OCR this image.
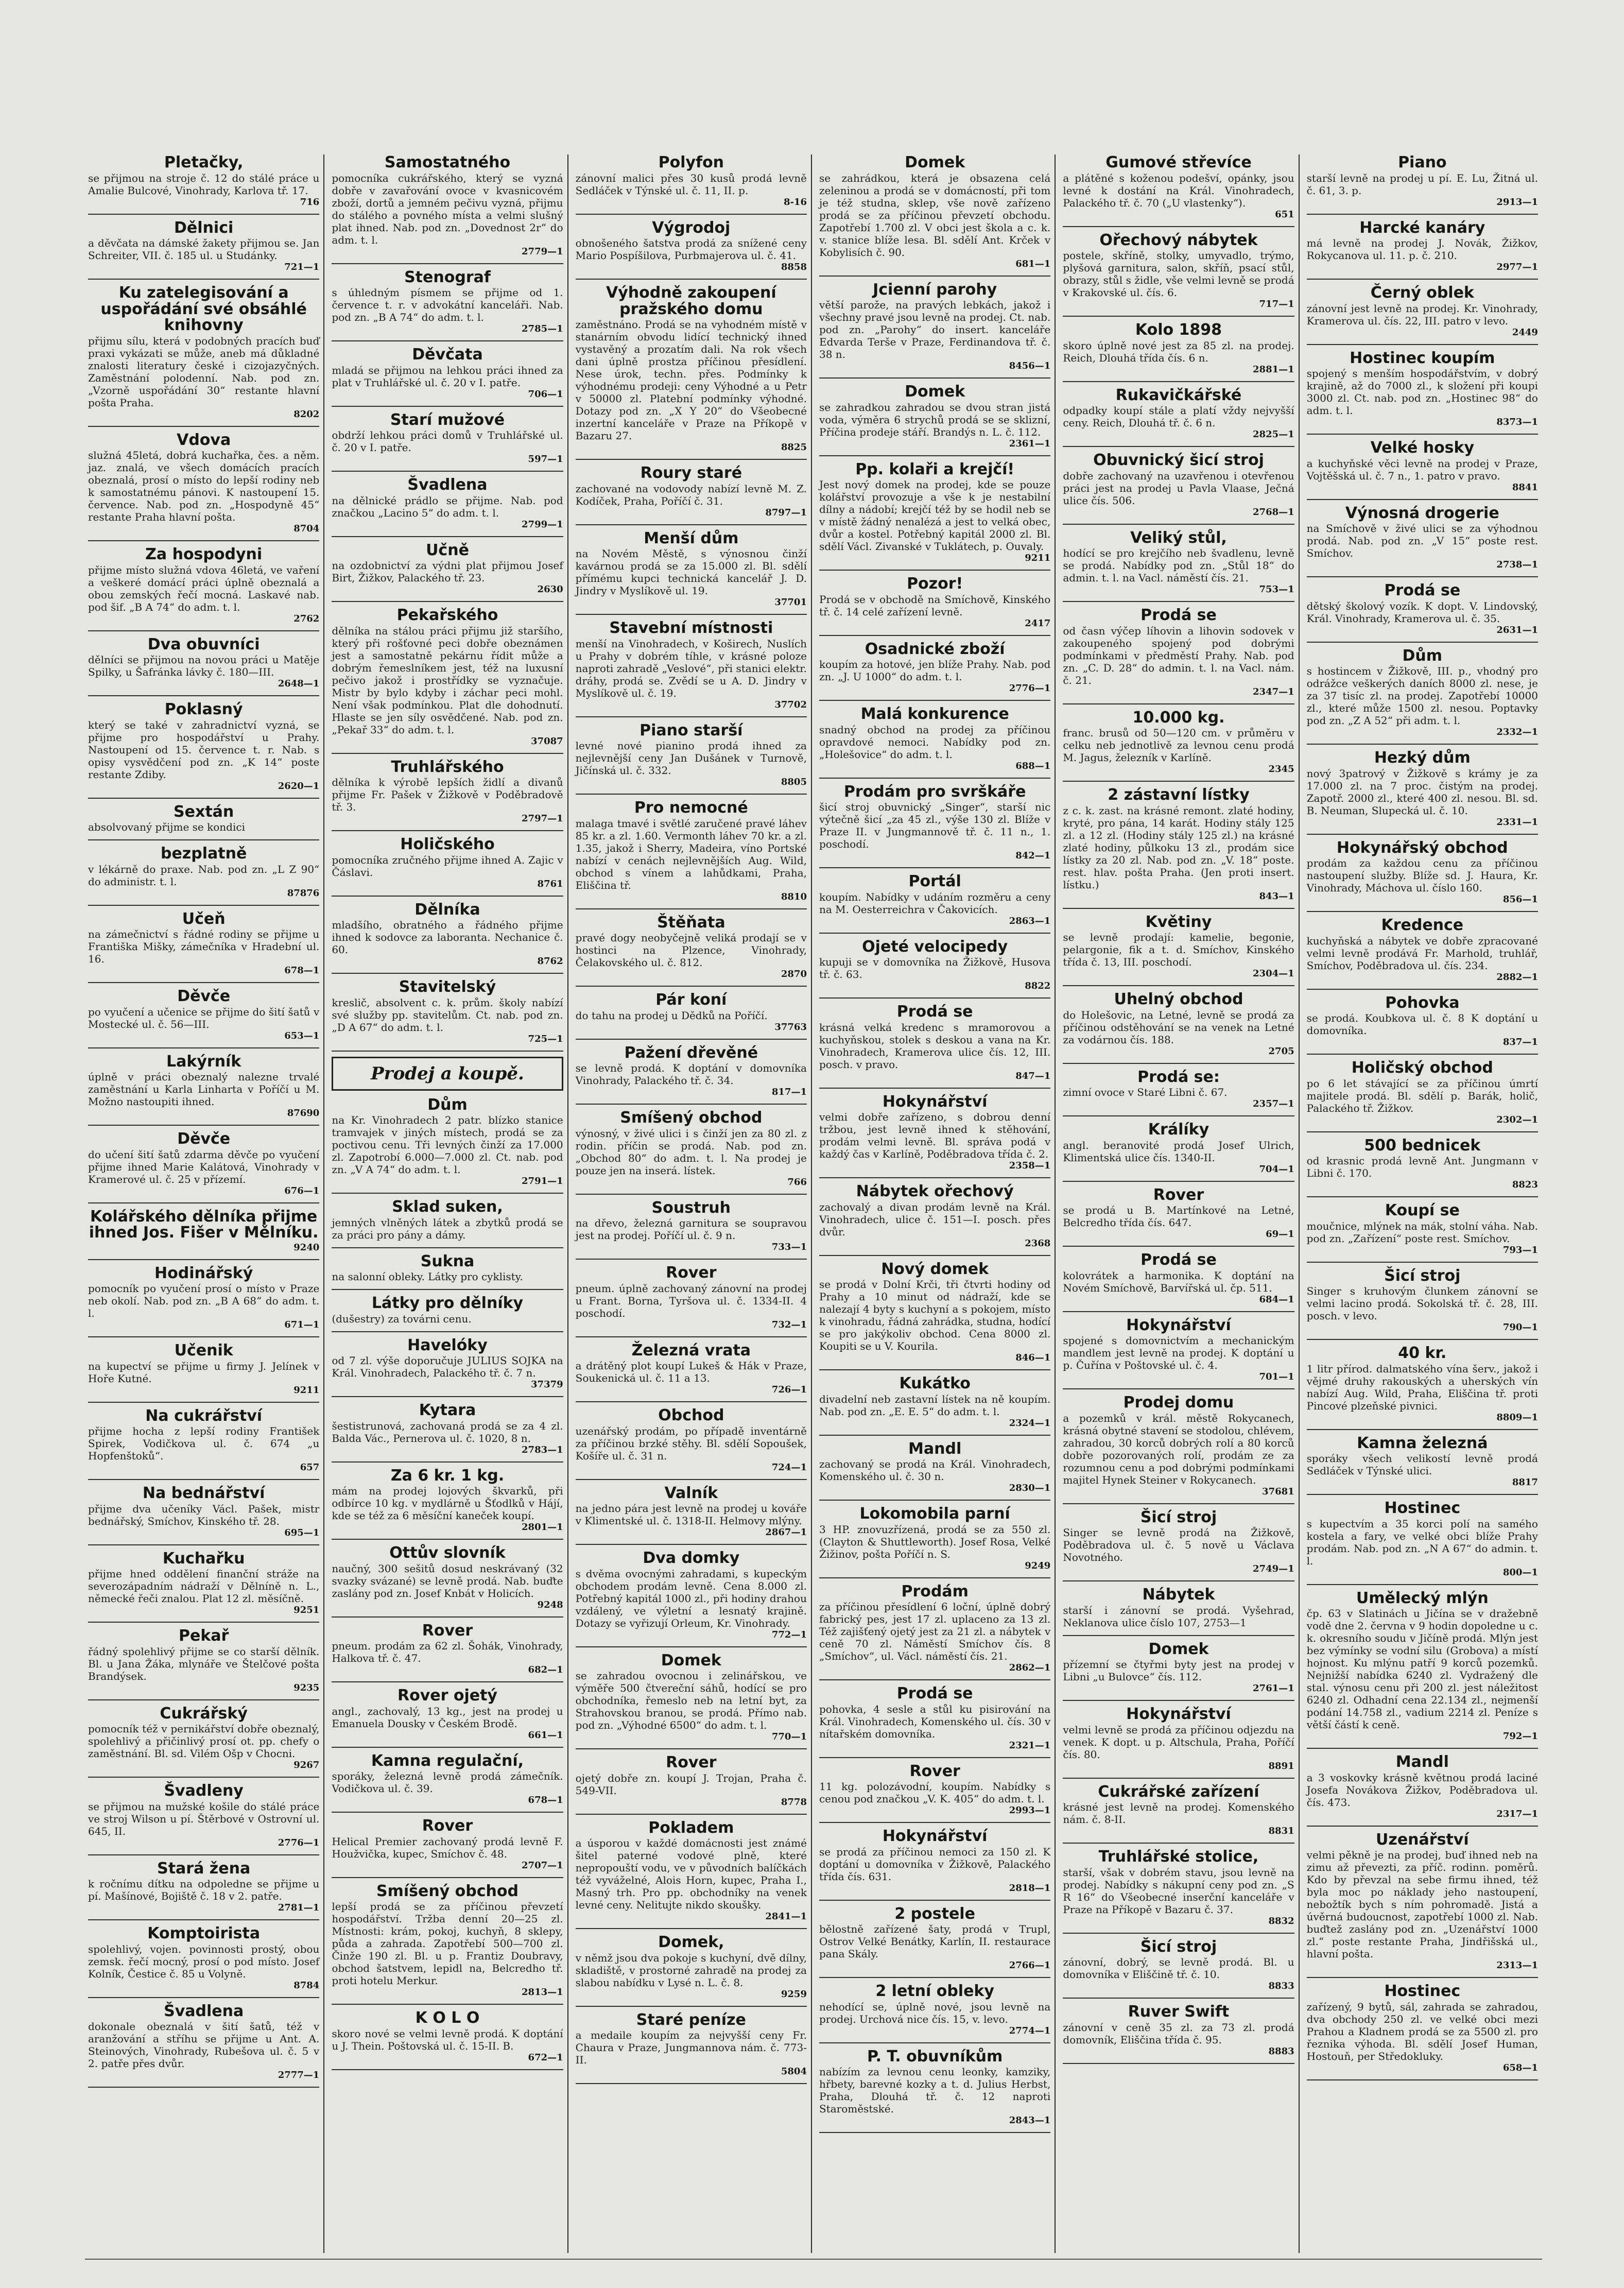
Pletačky,

se přijmou na stroje č. 12 do stálé práce u Amalie Bulcové, Vinohrady, Karlova tř. 17.

716
Dělnici

a děvčata na dámské žakety přijmou se. Jan Schreiter, VII. č. 185 ul. u Studánky.

721—1
Ku zatelegisování a uspořádání své obsáhlé knihovny

přijmu sílu, která v podobných pracích buď praxi vykázati se může, aneb má důkladné znalosti literatury české i cizojazyčných. Zaměstnání polodenní. Nab. pod zn. „Vzorně uspořádání 30“ restante hlavní pošta Praha.

8202
Vdova

služná 45letá, dobrá kuchařka, čes. a něm. jaz. znalá, ve všech domácích pracích obeznalá, prosí o místo do lepší rodiny neb k samostatnému pánovi. K nastoupení 15. července. Nab. pod zn. „Hospodyně 45“ restante Praha hlavní pošta.

8704
Za hospodyni

přijme místo služná vdova 46letá, ve vaření a veškeré domácí práci úplně obeznalá a obou zemských řečí mocná. Laskavé nab. pod šif. „B A 74“ do adm. t. l.

2762
Dva obuvníci

dělníci se přijmou na novou práci u Matěje Spilky, u Šafránka lávky č. 180—III.

2648—1
Poklasný

který se také v zahradnictví vyzná, se přijme pro hospodářství u Prahy. Nastoupení od 15. července t. r. Nab. s opisy vysvědčení pod zn. „K 14“ poste restante Zdiby.

2620—1
Sextán

absolvovaný přijme se kondici

bezplatně

v lékárně do praxe. Nab. pod zn. „L Z 90“ do administr. t. l.

87876
Učeň

na zámečnictví s řádné rodiny se přijme u Františka Mišky, zámečníka v Hradební ul. 16.

678—1
Děvče

po vyučení a učenice se přijme do šití šatů v Mostecké ul. č. 56—III.

653—1
Lakýrník

úplně v práci obeznalý nalezne trvalé zaměstnání u Karla Linharta v Poříčí u M. Možno nastoupiti ihned.

87690
Děvče

do učení šití šatů zdarma děvče po vyučení přijme ihned Marie Kalátová, Vinohrady v Kramerové ul. č. 25 v přízemí.

676—1
Kolářského dělníka přijme ihned Jos. Fišer v Mělníku.
9240
Hodinářský

pomocník po vyučení prosí o místo v Praze neb okolí. Nab. pod zn. „B A 68“ do adm. t. l.

671—1
Učenik

na kupectví se přijme u firmy J. Jelínek v Hoře Kutné.

9211
Na cukrářství

přijme hocha z lepší rodiny František Spirek, Vodičkova ul. č. 674 „u Hopfenštoků“.

657
Na bednářství

přijme dva učeníky Václ. Pašek, mistr bednářský, Smíchov, Kinského tř. 28.

695—1
Kuchařku

přijme hned oddělení finanční stráže na severozápadním nádraží v Dělníně n. L., německé řeči znalou. Plat 12 zl. měsíčně.

9251
Pekař

řádný spolehlivý přijme se co starší dělník. Bl. u Jana Žáka, mlynáře ve Štelčové pošta Brandýsek.

9235
Cukrářský

pomocník též v pernikářství dobře obeznalý, spolehlivý a přičinlivý prosí ot. pp. chefy o zaměstnání. Bl. sd. Vilém Ošp v Chocni.

9267
Švadleny

se přijmou na mužské košile do stálé práce ve stroj Wilson u pí. Štěrbové v Ostrovní ul. 645, II.

2776—1
Stará žena

k ročnímu dítku na odpoledne se přijme u pí. Mašínové, Bojiště č. 18 v 2. patře.

2781—1
Komptoiristа

spolehlivý, vojen. povinnosti prostý, obou zemsk. řečí mocný, prosí o pod místo. Josef Kolník, Čestice č. 85 u Volyně.

8784
Švadlena

dokonale obeznalá v šití šatů, též v aranžování a stříhu se přijme u Ant. A. Steinových, Vinohrady, Rubešova ul. č. 5 v 2. patře přes dvůr.

2777—1
Samostatného

pomocníka cukrářského, který se vyzná dobře v zavařování ovoce v kvasnicovém zboží, dortů a jemném pečivu vyzná, přijmu do stálého a povného místa a velmi slušný plat ihned. Nab. pod zn. „Dovednost 2r“ do adm. t. l.

2779—1
Stenograf

s úhledným písmem se přijme od 1. července t. r. v advokátní kanceláři. Nab. pod zn. „B A 74“ do adm. t. l.

2785—1
Děvčata

mladá se přijmou na lehkou práci ihned za plat v Truhlářské ul. č. 20 v I. patře.

706—1
Starí mužové

obdrží lehkou práci domů v Truhlářské ul. č. 20 v I. patře.

597—1
Švadlena

na dělnické prádlo se přijme. Nab. pod značkou „Lacino 5“ do adm. t. l.

2799—1
Učně

na ozdobnictví za výdni plat přijmou Josef Birt, Žižkov, Palackého tř. 23.

2630
Pekařského

dělníka na stálou práci přijmu již staršího, který při rošťovné peci dobře obeznámen jest a samostatně pekárnu řídit může a dobrým řemeslníkem jest, též na luxusní pečivo jakož i prostřídky se vyznačuje. Mistr by bylo kdyby i záchar peci mohl. Není však podmínkou. Plat dle dohodnutí. Hlaste se jen síly osvědčené. Nab. pod zn. „Pekař 33“ do adm. t. l.

37087
Truhlářského

dělníka k výrobě lepších židlí a divanů přijme Fr. Pašek v Žižkově v Poděbradově tř. 3.

2797—1
Holičského

pomocníka zručného přijme ihned A. Zajic v Čáslavi.

8761
Dělníka

mladšího, obratného a řádného přijme ihned k sodovce za laboranta. Nechanice č. 60.

8762
Stavitelský

kreslič, absolvent c. k. prům. školy nabízí své služby pp. stavitelům. Ct. nab. pod zn. „D A 67“ do adm. t. l.

725—1
Prodej a koupě.
Dům

na Kr. Vinohradech 2 patr. blízko stanice tramvajek v jiných místech, prodá se za poctivou cenu. Tři levných činží za 17.000 zl. Zapotrobí 6.000—7.000 zl. Ct. nab. pod zn. „V A 74“ do adm. t. l.

2791—1
Sklad suken,

jemných vlněných látek a zbytků prodá se za práci pro pány a dámy.

Sukna

na salonní obleky. Látky pro cyklisty.

Látky pro dělníky

(dušestry) za továrni cenu.

Havelóky

od 7 zl. výše doporučuje JULIUS SOJKA na Král. Vinohradech, Palackého tř. č. 7 n.

37379
Kytara

šestistrunová, zachovaná prodá se za 4 zl. Balda Vác., Pernerova ul. č. 1020, 8 n.

2783—1
Za 6 kr. 1 kg.

mám na prodej lojových škvarků, při odbírce 10 kg. v mydlárně u Šťodlků v Hájí, kde se též za 6 měsíční kaneček koupí.

2801—1
Ottův slovník

naučný, 300 sešitů dosud neskrávaný (32 svazky svázané) se levně prodá. Nab. buďte zaslány pod zn. Josef Knbát v Holicích.

9248
Rover

pneum. prodám za 62 zl. Šohák, Vinohrady, Halkova tř. č. 47.

682—1
Rover ojetý

angl., zachovalý, 13 kg., jest na prodej u Emanuela Dousky v Českém Brodě.

661—1
Kamna regulační,

sporáky, železná levně prodá zámečník. Vodičkova ul. č. 39.

678—1
Rover

Helical Premier zachovaný prodá levně F. Houžvička, kupec, Smíchov č. 48.

2707—1
Smíšený obchod

lepší prodá se za příčinou převzetí hospodářství. Tržba denní 20—25 zl. Místnosti: krám, pokoj, kuchyň, 8 sklepy, půda a zahrada. Zapotřebí 500—700 zl. Činže 190 zl. Bl. u p. Frantiz Doubravy, obchod šatstvem, lepidl na, Belcredho tř. proti hotelu Merkur.

2813—1
K O L O

skoro nové se velmi levně prodá. K doptání u J. Thein. Poštovská ul. č. 15-II. B.

672—1
Polyfon

zánovní malici přes 30 kusů prodá levně Sedláček v Týnské ul. č. 11, II. p.

8-16
Výgrodoj

obnošeného šatstva prodá za snížené ceny Mario Pospíšilova, Purbmajerova ul. č. 41.

8858
Výhodně zakoupení pražského domu

zaměstnáno. Prodá se na vyhodném místě v stanárním obvodu lidící technický ihned vystavěný a prozatím dali. Na rok všech dani úplně prostza příčinou přesídlení. Nese úrok, techn. přes. Podmínky k výhodnému prodeji: ceny Výhodné a u Petr v 50000 zl. Platební podmínky výhodné. Dotazy pod zn. „X Y 20“ do Všeobecné inzertní kanceláře v Praze na Příkopě v Bazaru 27.

8825
Roury staré

zachované na vodovody nabízí levně M. Z. Kodíček, Praha, Poříčí č. 31.

8797—1
Menší dům

na Novém Městě, s výnosnou činží kavárnou prodá se za 15.000 zl. Bl. sdělí přímému kupci technická kancelář J. D. Jindry v Myslíkově ul. 19.

37701
Stavební místnosti

menší na Vinohradech, v Koširech, Nuslích u Prahy v dobrém tíhle, v krásné poloze naproti zahradě „Veslové“, při stanici elektr. dráhy, prodá se. Zvědí se u A. D. Jindry v Myslíkově ul. č. 19.

37702
Piano starší

levné nové pianino prodá ihned za nejlevnější ceny Jan Dušánek v Turnově, Jičínská ul. č. 332.

8805
Pro nemocné

malaga tmavé i světlé zaručené pravé láhev 85 kr. a zl. 1.60. Vermonth láhev 70 kr. a zl. 1.35, jakož i Sherry, Madeira, víno Portské nabízí v cenách nejlevnějších Aug. Wild, obchod s vínem a lahůdkami, Praha, Eliščina tř.

8810
Štěňata

pravé dogy neobyčejně veliká prodají se v hostinci na Plzence, Vinohrady, Čelakovského ul. č. 812.

2870
Pár koní

do tahu na prodej u Dědků na Poříčí.

37763
Pažení dřevěné

se levně prodá. K doptání v domovníka Vinohrady, Palackého tř. č. 34.

817—1
Smíšený obchod

výnosný, v živé ulici i s činží jen za 80 zl. z rodin. příčin se prodá. Nab. pod zn. „Obchod 80“ do adm. t. l. Na prodej je pouze jen na inserá. lístek.

766
Soustruh

na dřevo, železná garnitura se soupravou jest na prodej. Poříčí ul. č. 9 n.

733—1
Rover

pneum. úplně zachovaný zánovní na prodej u Frant. Borna, Tyršova ul. č. 1334-II. 4 poschodí.

732—1
Železná vrata

a drátěný plot koupí Lukeš & Hák v Praze, Soukenická ul. č. 11 a 13.

726—1
Obchod

uzenářský prodám, po případě inventárně za příčinou brzké stěhy. Bl. sdělí Sopoušek, Košíře ul. č. 31 n.

724—1
Valník

na jedno pára jest levně na prodej u kováře v Klimentské ul. č. 1318-II. Helmovy mlýny.

2867—1
Dva domky

s dvěma ovocnými zahradami, s kupeckým obchodem prodám levně. Cena 8.000 zl. Potřebný kapitál 1000 zl., při hodiny drahou vzdálený, ve výletní a lesnatý krajině. Dotazy se vyřizují Orleum, Kr. Vinohrady.

772—1
Domek

se zahradou ovocnou i zelinářskou, ve výměře 500 čtvereční sáhů, hodící se pro obchodníka, řemeslo neb na letní byt, za Strahovskou branou, se prodá. Přímo nab. pod zn. „Výhodné 6500“ do adm. t. l.

770—1
Rover

ojetý dobře zn. koupí J. Trojan, Praha č. 549-VII.

8778
Pokladem

a úsporou v každé domácnosti jest známé šitel paterné vodové plně, které nepropouští vodu, ve v původních balíčkách též vyváželné, Alois Horn, kupec, Praha I., Masný trh. Pro pp. obchodníky na venek levné ceny. Nelitujte nikdo skoušky.

2841—1
Domek,

v němž jsou dva pokoje s kuchyní, dvě dílny, skladiště, v prostorné zahradě na prodej za slabou nabídku v Lysé n. L. č. 8.

9259
Staré peníze

a medaile koupím za nejvyšší ceny Fr. Chaura v Praze, Jungmannova nám. č. 773-II.

5804
Domek

se zahrádkou, která je obsazena celá zeleninou a prodá se v domácností, při tom je též studna, sklep, vše nově zařízeno prodá se za příčinou převzetí obchodu. Zapotřebí 1.700 zl. V obci jest škola a c. k. v. stanice blíže lesa. Bl. sdělí Ant. Krček v Kobylisích č. 90.

681—1
Jcienní parohy

větší parože, na pravých lebkách, jakož i všechny pravé jsou levně na prodej. Ct. nab. pod zn. „Parohy“ do insert. kanceláře Edvarda Terše v Praze, Ferdinandova tř. č. 38 n.

8456—1
Domek

se zahradkou zahradou se dvou stran jistá voda, výměra 6 strychů prodá se se sklizní, Příčina prodeje stáří. Brandýs n. L. č. 112.

2361—1
Pp. kolaři a krejčí!

Jest nový domek na prodej, kde se pouze kolářství provozuje a vše k je nestabilní dílny a nádobí; krejčí též by se hodil neb se v místě žádný nenalézá a jest to velká obec, dvůr a kostel. Potřebný kapitál 2000 zl. Bl. sdělí Václ. Zivanské v Tuklátech, p. Ouvaly.

9211
Pozor!

Prodá se v obchodě na Smíchově, Kinského tř. č. 14 celé zařízení levně.

2417
Osadnické zboží

koupím za hotové, jen blíže Prahy. Nab. pod zn. „J. U 1000“ do adm. t. l.

2776—1
Malá konkurence

snadný obchod na prodej za příčinou opravdové nemoci. Nabídky pod zn. „Holešovice“ do adm. t. l.

688—1
Prodám pro svrškáře

šicí stroj obuvnický „Singer“, starší nic výtečně šicí „za 45 zl., výše 130 zl. Blíže v Praze II. v Jungmannově tř. č. 11 n., 1. poschodí.

842—1
Portál

koupím. Nabídky v udáním rozměru a ceny na M. Oesterreichra v Čakovicích.

2863—1
Ojeté velocipedy

kupuji se v domovníka na Žižkově, Husova tř. č. 63.

8822
Prodá se

krásná velká kredenc s mramorovou a kuchyňskou, stolek s deskou a vana na Kr. Vinohradech, Kramerova ulice čís. 12, III. posch. v pravo.

847—1
Hokynářství

velmi dobře zařízeno, s dobrou denní tržbou, jest levně ihned k stěhování, prodám velmi levně. Bl. správa podá v každý čas v Karlíně, Poděbradova třída č. 2.

2358—1
Nábytek ořechový

zachovalý a divan prodám levně na Král. Vinohradech, ulice č. 151—I. posch. přes dvůr.

2368
Nový domek

se prodá v Dolní Krči, tři čtvrti hodiny od Prahy a 10 minut od nádraží, kde se nalezají 4 byty s kuchyní a s pokojem, místo k vinohradu, řádná zahrádka, studna, hodící se pro jakýkoliv obchod. Cena 8000 zl. Koupiti se u V. Kourila.

846—1
Kukátko

divadelní neb zastavní lístek na ně koupím. Nab. pod zn. „E. E. 5“ do adm. t. l.

2324—1
Mandl

zachovaný se prodá na Král. Vinohradech, Komenského ul. č. 30 n.

2830—1
Lokomobila parní

3 HP. znovuzřízená, prodá se za 550 zl. (Clayton & Shuttleworth). Josef Rosa, Velké Žižinov, pošta Poříčí n. S.

9249
Prodám

za příčinou přesídlení 6 loční, úplně dobrý fabrický pes, jest 17 zl. uplaceno za 13 zl. Též zajišťený ojetý jest za 21 zl. a nábytek v ceně 70 zl. Náměstí Smíchov čís. 8 „Smíchov“, ul. Václ. náměstí čís. 21.

2862—1
Prodá se

pohovka, 4 sesle a stůl ku pisirování na Král. Vinohradech, Komenského ul. čís. 30 v nítařském domovníka.

2321—1
Rover

11 kg. polozávodní, koupím. Nabídky s cenou pod značkou „V. K. 405“ do adm. t. l.

2993—1
Hokynářství

se prodá za příčinou nemoci za 150 zl. K doptání u domovníka v Žižkově, Palackého třída čís. 631.

2818—1
2 postele

bělostně zařízené šaty, prodá v Trupl, Ostrov Velké Benátky, Karlín, II. restaurace pana Skály.

2766—1
2 letní obleky

nehodící se, úplně nové, jsou levně na prodej. Urchová nice čís. 15, v. levo.

2774—1
P. T. obuvníkům

nabízím za levnou cenu leonky, kamziky, hřbety, barevné kozky a t. d. Julius Herbst, Praha, Dlouhá tř. č. 12 naproti Staroměstské.

2843—1
Gumové střevíce

a plátěné s koženou podešví, opánky, jsou levné k dostání na Král. Vinohradech, Palackého tř. č. 70 („U vlastenky“).

651
Ořechový nábytek

postele, skříně, stolky, umyvadlo, trýmo, plyšová garnitura, salon, skříň, psací stůl, obrazy, stůl s židle, vše velmi levně se prodá v Krakovské ul. čís. 6.

717—1
Kolo 1898

skoro úplně nové jest za 85 zl. na prodej. Reich, Dlouhá třída čís. 6 n.

2881—1
Rukavičkářské

odpadky koupí stále a platí vždy nejvyšší ceny. Reich, Dlouhá tř. č. 6 n.

2825—1
Obuvnický šicí stroj

dobře zachovaný na uzavřenou i otevřenou práci jest na prodej u Pavla Vlaase, Ječná ulice čís. 506.

2768—1
Veliký stůl,

hodící se pro krejčího neb švadlenu, levně se prodá. Nabídky pod zn. „Stůl 18“ do admin. t. l. na Vacl. náměstí čís. 21.

753—1
Prodá se

od časn výčep líhovin a lihovin sodovek v zakoupeného spojený pod dobrými podmínkami v předměstí Prahy. Nab. pod zn. „C. D. 28“ do admin. t. l. na Vacl. nám. č. 21.

2347—1
10.000 kg.

franc. brusů od 50—120 cm. v průměru v celku neb jednotlivě za levnou cenu prodá M. Jagus, železník v Karlíně.

2345
2 zástavní lístky

z c. k. zast. na krásné remont. zlaté hodiny, kryté, pro pána, 14 karát. Hodiny stály 125 zl. a 12 zl. (Hodiny stály 125 zl.) na krásné zlaté hodiny, půlkoku 13 zl., prodám sice lístky za 20 zl. Nab. pod zn. „V. 18“ poste. rest. hlav. pošta Praha. (Jen proti insert. lístku.)

843—1
Květiny

se levně prodají: kamelie, begonie, pelargonie, fik a t. d. Smíchov, Kinského třída č. 13, III. poschodí.

2304—1
Uhelný obchod

do Holešovic, na Letné, levně se prodá za příčinou odstěhování se na venek na Letné za vodárnou čís. 188.

2705
Prodá se:

zimní ovoce v Staré Libni č. 67.

2357—1
Králíky

angl. beranovité prodá Josef Ulrich, Klimentská ulice čís. 1340-II.

704—1
Rover

se prodá u B. Martínkové na Letné, Belcredho třída čís. 647.

69—1
Prodá se

kolovrátek a harmonika. K doptání na Novém Smíchově, Barvířská ul. čp. 511.

684—1
Hokynářství

spojené s domovnictvím a mechanickým mandlem jest levně na prodej. K doptání u p. Čuřína v Poštovské ul. č. 4.

701—1
Prodej domu

a pozemků v král. městě Rokycanech, krásná obytné stavení se stodolou, chlévem, zahradou, 30 korců dobrých rolí a 80 korců dobře pozorovaných rolí, prodám ze za rozumnou cenu a pod dobrými podmínkami majitel Hynek Steiner v Rokycanech.

37681
Šicí stroj

Singer se levně prodá na Žižkově, Poděbradova ul. č. 5 nově u Václava Novotného.

2749—1
Nábytek

starší i zánovní se prodá. Vyšehrad, Neklanova ulice číslo 107, 2753—1

Domek

přízemní se čtyřmi byty jest na prodej v Libni „u Bulovce“ čís. 112.

2761—1
Hokynářství

velmi levně se prodá za příčinou odjezdu na venek. K dopt. u p. Altschula, Praha, Poříčí čís. 80.

8891
Cukrářské zařízení

krásné jest levně na prodej. Komenského nám. č. 8-II.

8831
Truhlářské stolice,

starší, však v dobrém stavu, jsou levně na prodej. Nabídky s nákupní ceny pod zn. „S R 16“ do Všeobecné inserční kanceláře v Praze na Příkopě v Bazaru č. 37.

8832
Šicí stroj

zánovní, dobrý, se levně prodá. Bl. u domovníka v Eliščině tř. č. 10.

8833
Ruver Swift

zánovní v ceně 35 zl. za 73 zl. prodá domovník, Eliščina třída č. 95.

8883
Piano

starší levně na prodej u pí. E. Lu, Žitná ul. č. 61, 3. p.

2913—1
Harcké kanáry

má levně na prodej J. Novák, Žižkov, Rokycanova ul. 11. p. č. 210.

2977—1
Černý oblek

zánovní jest levně na prodej. Kr. Vinohrady, Kramerova ul. čís. 22, III. patro v levo.

2449
Hostinec koupím

spojený s menším hospodářstvím, v dobrý krajině, až do 7000 zl., k složení při koupi 3000 zl. Ct. nab. pod zn. „Hostinec 98“ do adm. t. l.

8373—1
Velké hosky

a kuchyňské věci levně na prodej v Praze, Vojtěšská ul. č. 7 n., 1. patro v pravo.

8841
Výnosná drogerie

na Smíchově v živé ulici se za výhodnou prodá. Nab. pod zn. „V 15“ poste rest. Smíchov.

2738—1
Prodá se

dětský školový vozík. K dopt. V. Lindovský, Král. Vinohrady, Kramerova ul. č. 35.

2631—1
Dům

s hostincem v Žižkově, III. p., vhodný pro odrážce veškerých daních 8000 zl. nese, je za 37 tisíc zl. na prodej. Zapotřebí 10000 zl., které může 1500 zl. nesou. Poptavky pod zn. „Z A 52“ při adm. t. l.

2332—1
Hezký dům

nový 3patrový v Žižkově s krámy je za 17.000 zl. na 7 proc. čistým na prodej. Zapotř. 2000 zl., které 400 zl. nesou. Bl. sd. B. Neuman, Slupecká ul. č. 10.

2331—1
Hokynářský obchod

prodám za každou cenu za příčinou nastoupení služby. Blíže sd. J. Haura, Kr. Vinohrady, Máchova ul. číslo 160.

856—1
Kredence

kuchyňská a nábytek ve dobře zpracované velmi levně prodává Fr. Marhold, truhlář, Smíchov, Poděbradova ul. čís. 234.

2882—1
Pohovka

se prodá. Koubkova ul. č. 8 K doptání u domovníka.

837—1
Holičský obchod

po 6 let stávající se za příčinou úmrtí majitele prodá. Bl. sdělí p. Barák, holič, Palackého tř. Žižkov.

2302—1
500 bednicek

od krasnic prodá levně Ant. Jungmann v Libni č. 170.

8823
Koupí se

moučnice, mlýnek na mák, stolní váha. Nab. pod zn. „Zařízení“ poste rest. Smíchov.

793—1
Šicí stroj

Singer s kruhovým člunkem zánovní se velmi lacino prodá. Sokolská tř. č. 28, III. posch. v levo.

790—1
40 kr.

1 litr přírod. dalmatského vína šerv., jakož i vějmé druhy rakouských a uherských vín nabízí Aug. Wild, Praha, Eliščina tř. proti Pincové plzeňské pivnici.

8809—1
Kamna železná

sporáky všech velikostí levně prodá Sedláček v Týnské ulici.

8817
Hostinec

s kupectvím a 35 korci polí na samého kostela a fary, ve velké obci blíže Prahy prodám. Nab. pod zn. „N A 67“ do admin. t. l.

800—1
Umělecký mlýn

čp. 63 v Slatinách u Jičína se v dražebně vodě dne 2. června v 9 hodin dopoledne u c. k. okresního soudu v Jičíně prodá. Mlýn jest bez výmínky se vodní silu (Grobova) a místí hojnost. Ku mlýnu patří 9 korců pozemků. Nejnižší nabídka 6240 zl. Vydražený dle stal. výnosu cenu při 200 zl. jest náležitost 6240 zl. Odhadní cena 22.134 zl., nejmenší podání 14.758 zl., vadium 2214 zl. Peníze s větší částí k ceně.

792—1
Mandl

a 3 voskovky krásně květnou prodá laciné Josefa Novákova Žižkov, Poděbradova ul. čís. 473.

2317—1
Uzenářství

velmi pěkně je na prodej, buď ihned neb na zimu až převezti, za příč. rodinn. poměrů. Kdo by převzal na sebe firmu ihned, též byla moc po náklady jeho nastoupení, nebožtík bych s ním pohromadě. Jistá a úvěrná budoucnost, zapotřebí 1000 zl. Nab. buďtež zaslány pod zn. „Uzenářství 1000 zl.“ poste restante Praha, Jindřišská ul., hlavní pošta.

2313—1
Hostinec

zařízený, 9 bytů, sál, zahrada se zahradou, dva obchody 250 zl. ve velké obci mezi Prahou a Kladnem prodá se za 5500 zl. pro řeznika výhoda. Bl. sdělí Josef Human, Hostouň, per Středokluky.

658—1
